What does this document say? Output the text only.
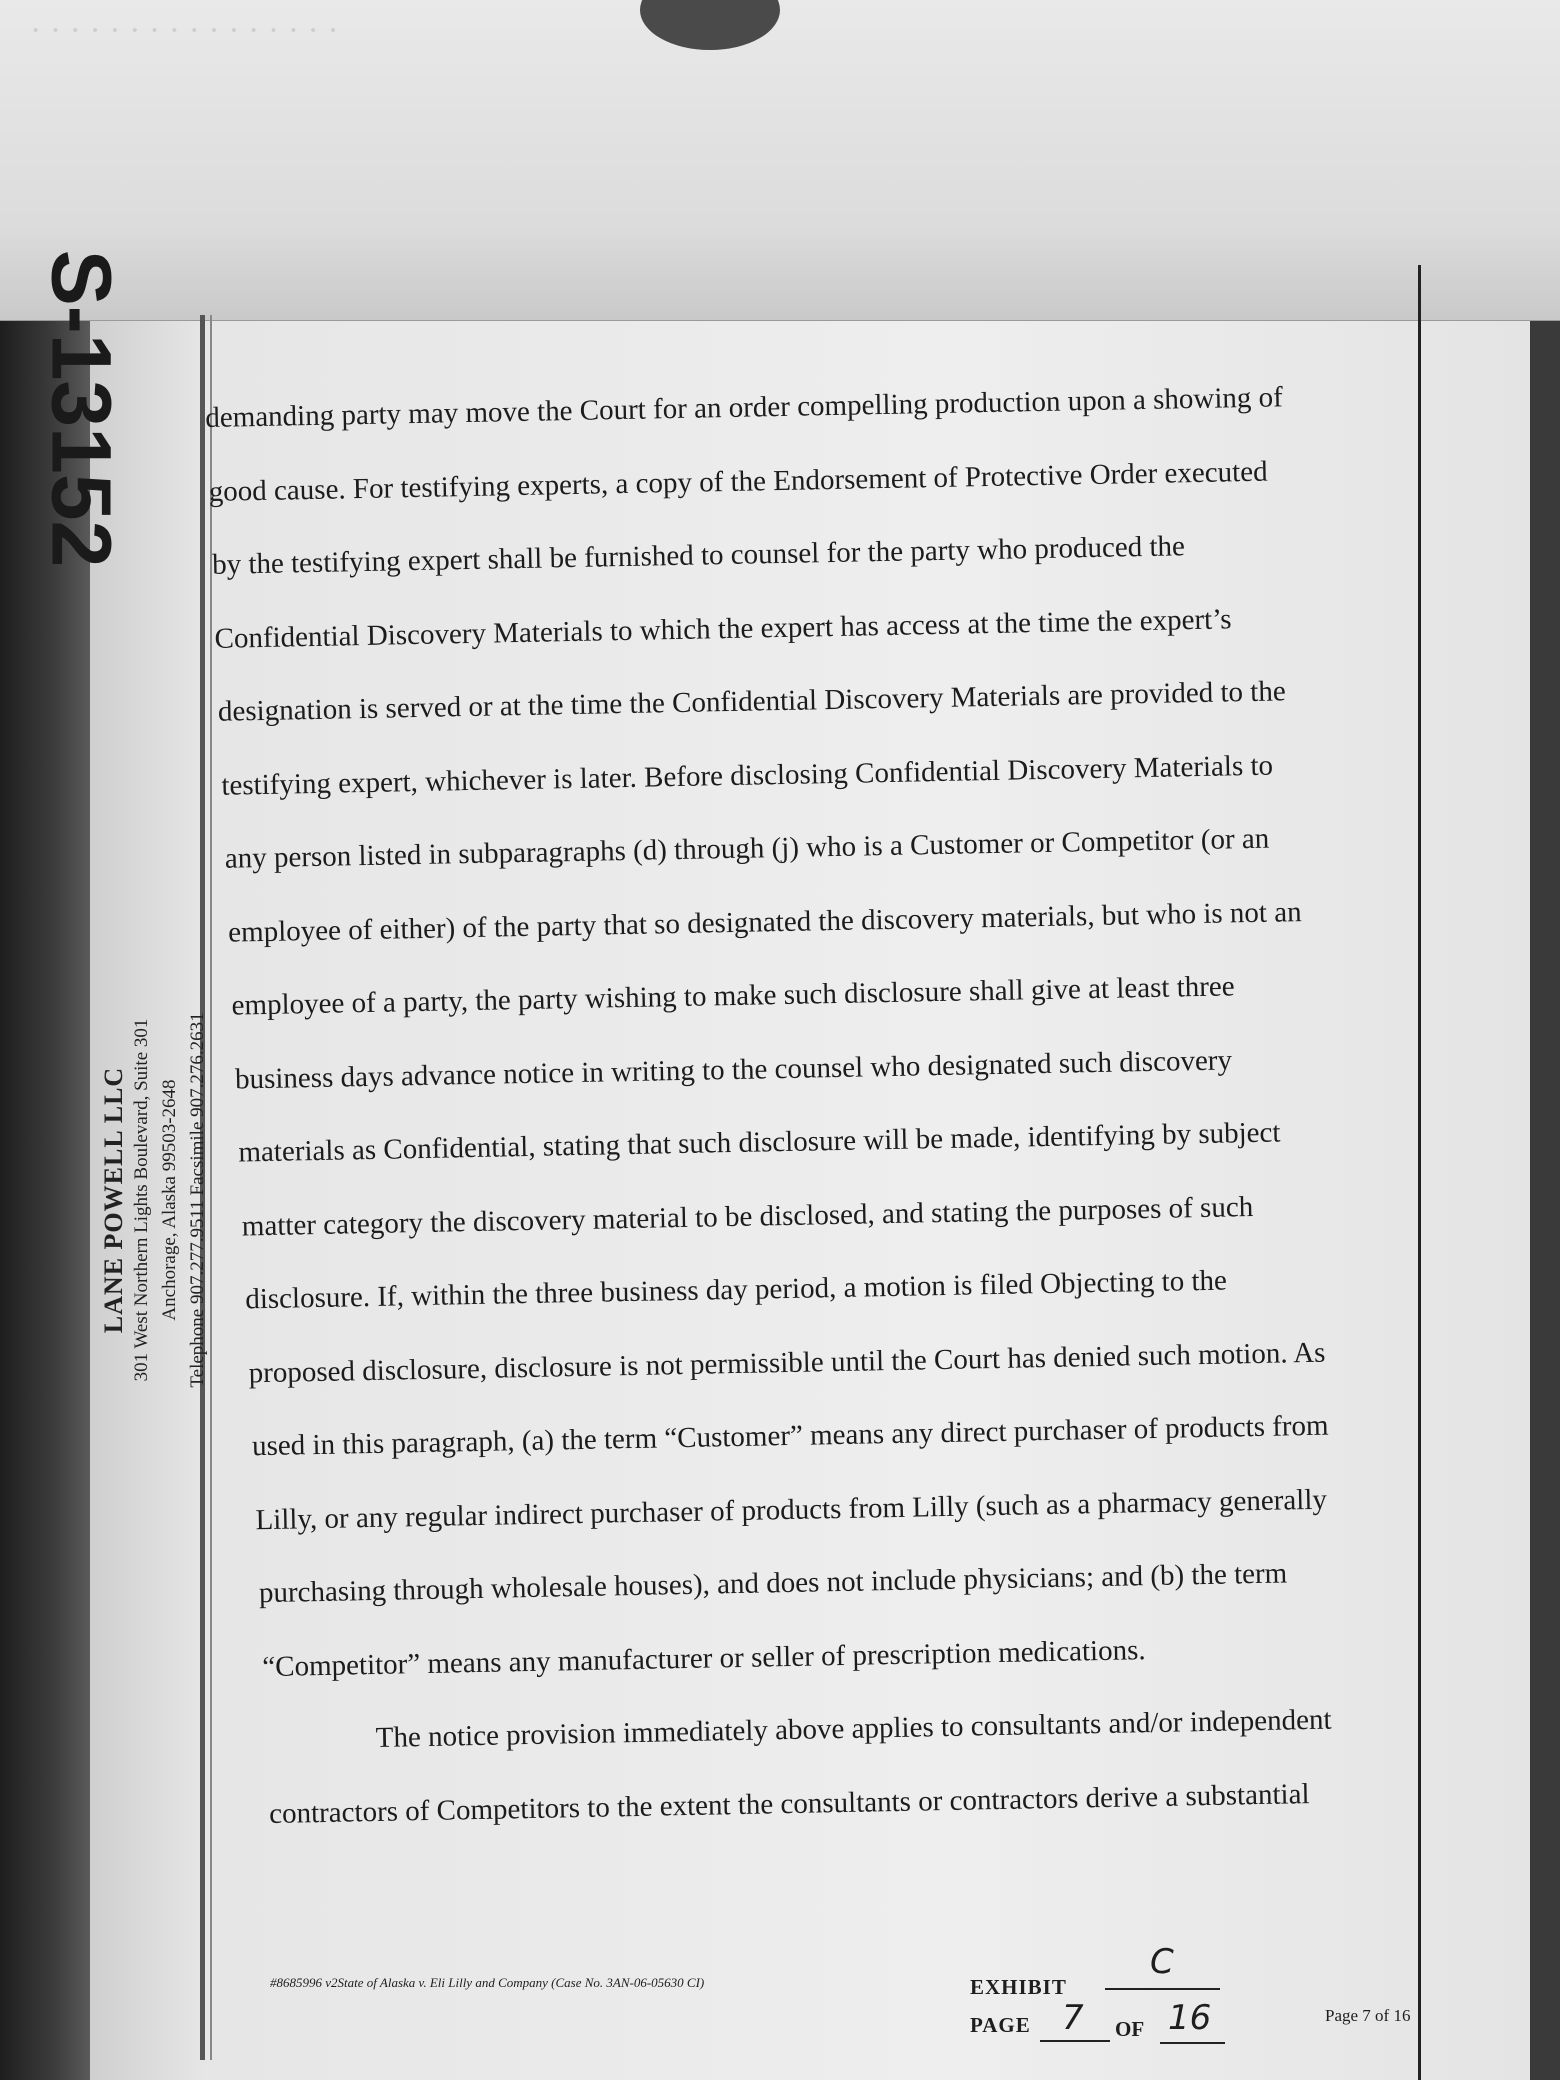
· · · · · · · · · · · · · · · ·
S-13152
LANE POWELL LLC 301 West Northern Lights Boulevard, Suite 301 Anchorage, Alaska 99503-2648 Telephone 907.277.9511 Facsimile 907.276.2631
demanding party may move the Court for an order compelling production upon a showing of
good cause. For testifying experts, a copy of the Endorsement of Protective Order executed
by the testifying expert shall be furnished to counsel for the party who produced the
Confidential Discovery Materials to which the expert has access at the time the expert’s
designation is served or at the time the Confidential Discovery Materials are provided to the
testifying expert, whichever is later. Before disclosing Confidential Discovery Materials to
any person listed in subparagraphs (d) through (j) who is a Customer or Competitor (or an
employee of either) of the party that so designated the discovery materials, but who is not an
employee of a party, the party wishing to make such disclosure shall give at least three
business days advance notice in writing to the counsel who designated such discovery
materials as Confidential, stating that such disclosure will be made, identifying by subject
matter category the discovery material to be disclosed, and stating the purposes of such
disclosure. If, within the three business day period, a motion is filed Objecting to the
proposed disclosure, disclosure is not permissible until the Court has denied such motion. As
used in this paragraph, (a) the term “Customer” means any direct purchaser of products from
Lilly, or any regular indirect purchaser of products from Lilly (such as a pharmacy generally
purchasing through wholesale houses), and does not include physicians; and (b) the term
“Competitor” means any manufacturer or seller of prescription medications.
The notice provision immediately above applies to consultants and/or independent
contractors of Competitors to the extent the consultants or contractors derive a substantial
#8685996 v2State of Alaska v. Eli Lilly and Company (Case No. 3AN-06-05630 CI)	EXHIBIT
C
PAGE 7 OF 16	Page 7 of 16
